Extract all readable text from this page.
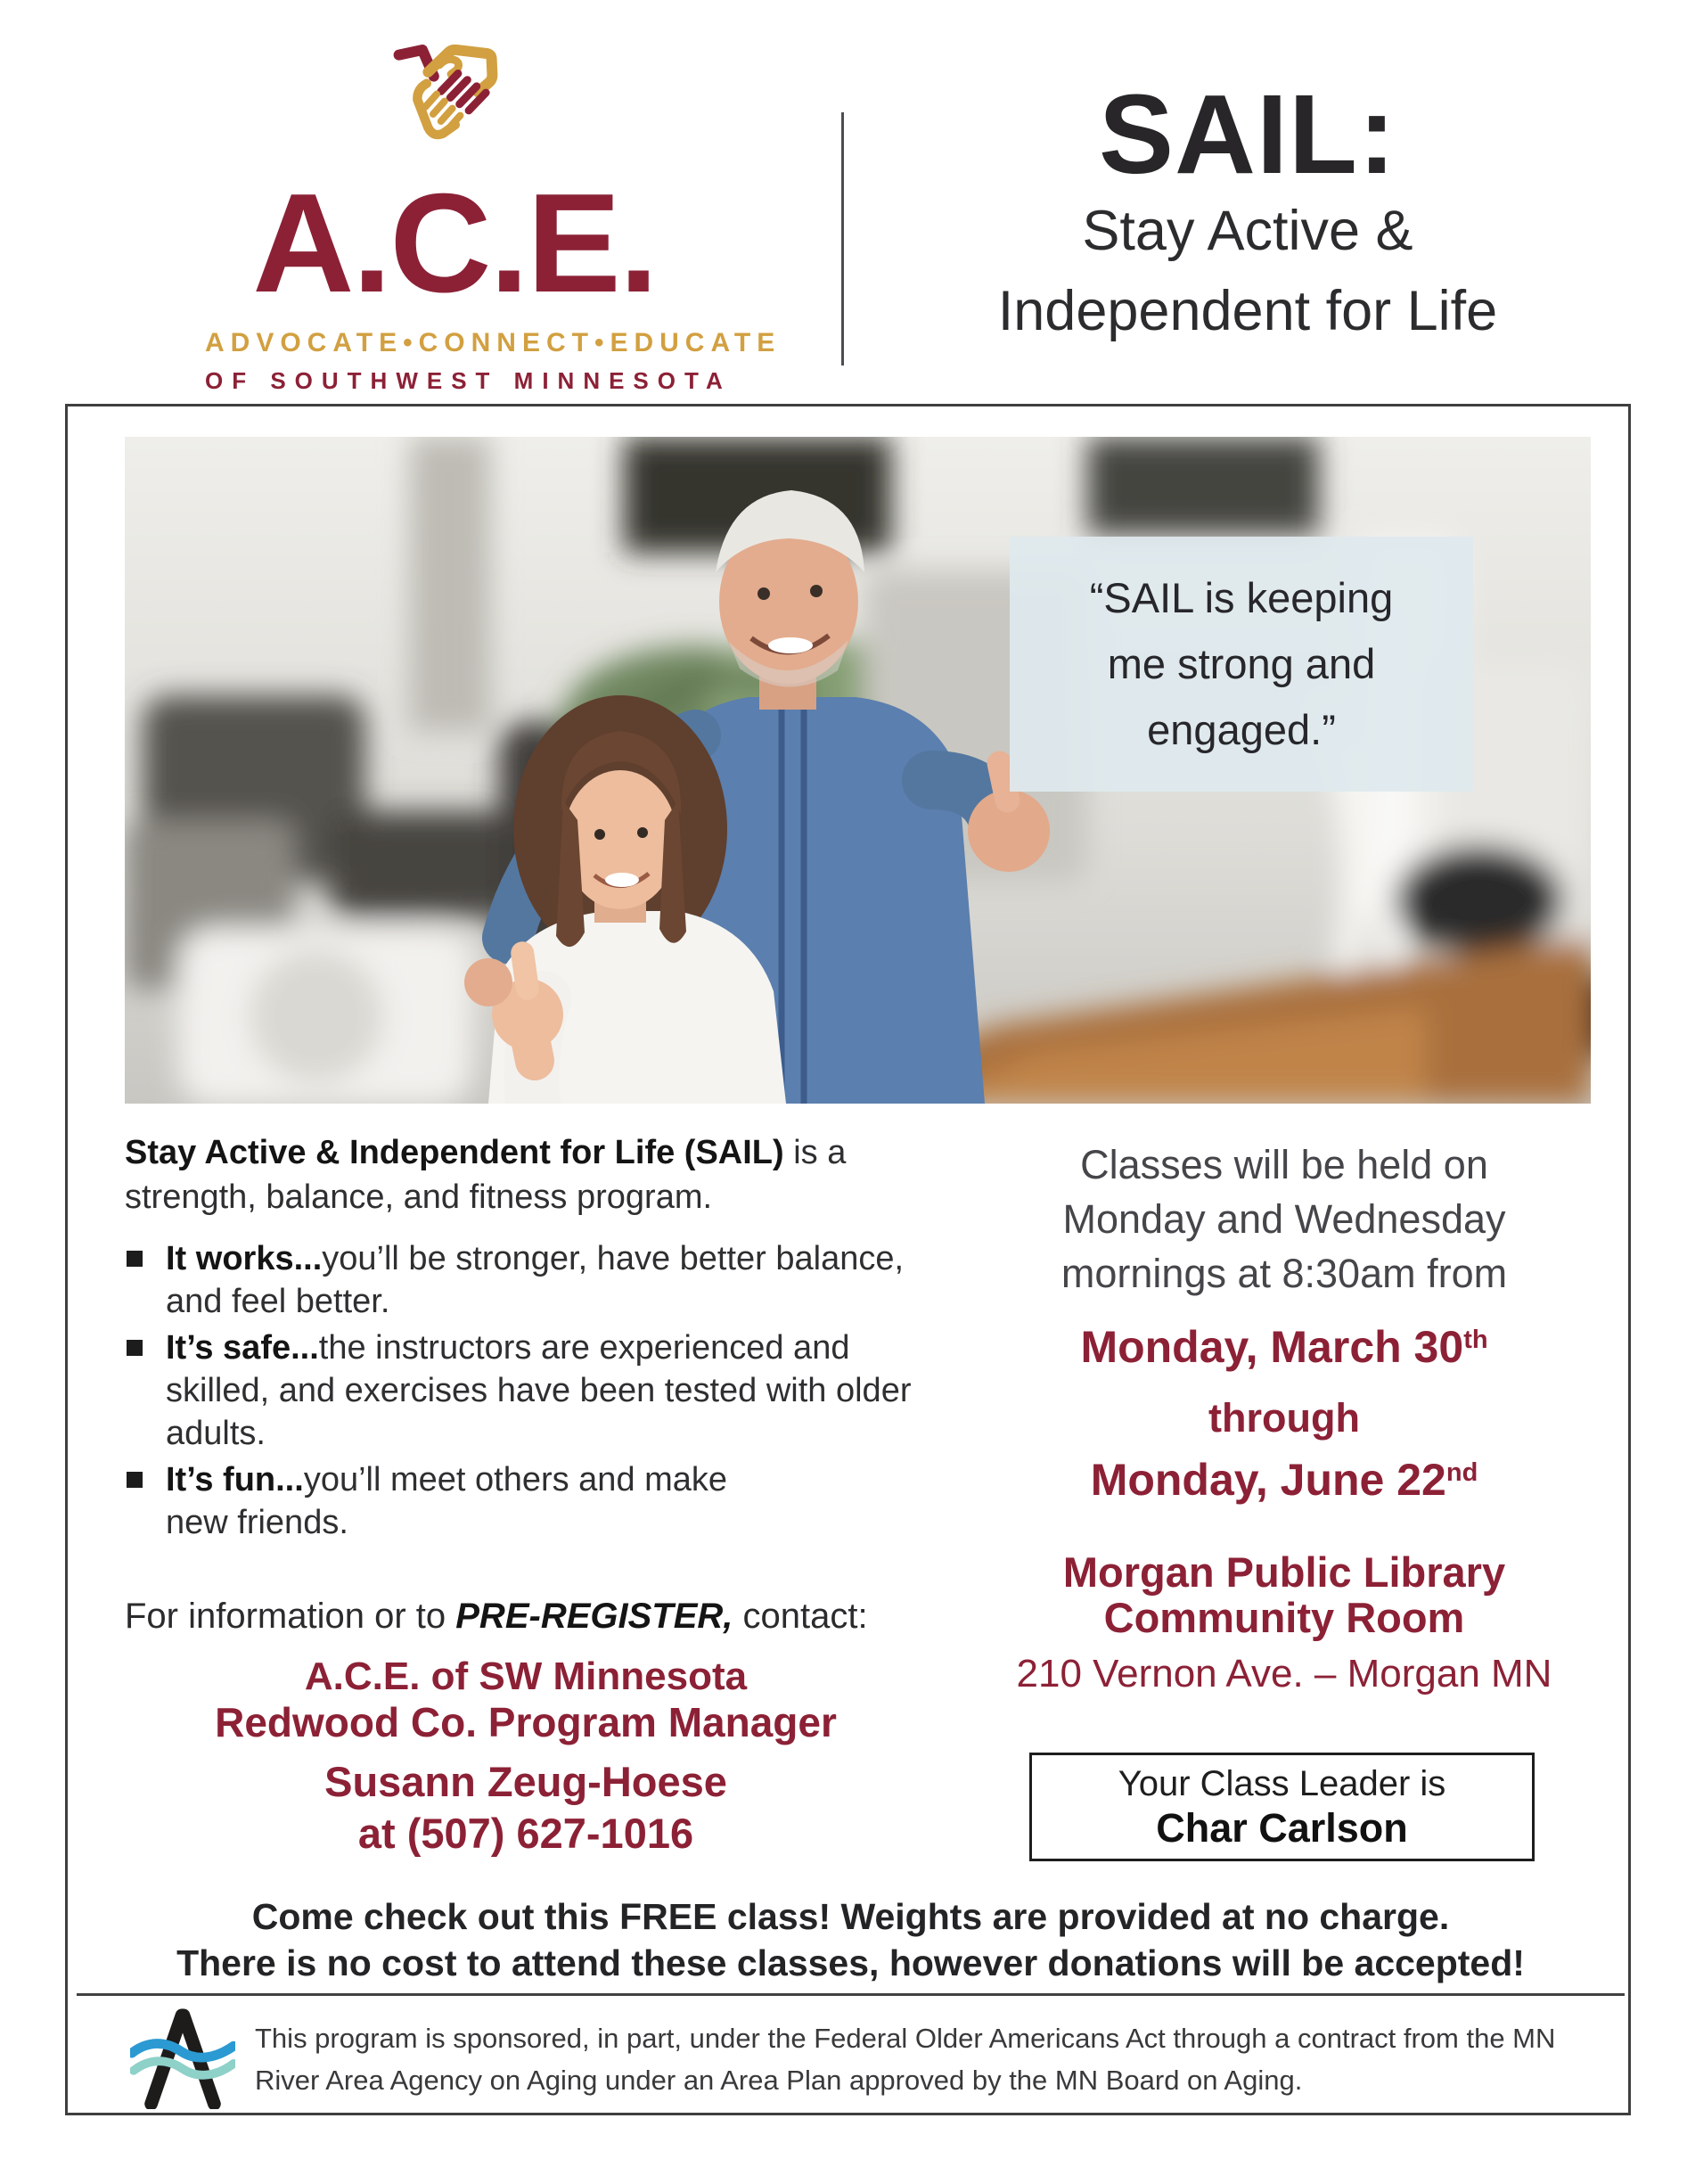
A.C.E.
ADVOCATE•CONNECT•EDUCATE
OF SOUTHWEST MINNESOTA
SAIL:
Stay Active &
Independent for Life
“SAIL is keeping
me strong and
engaged.”

Stay Active & Independent for Life (SAIL) is a strength, balance, and fitness program.

It works...you’ll be stronger, have better balance, and feel better.
It’s safe...the instructors are experienced and skilled, and exercises have been tested with older adults.
It’s fun...you’ll meet others and make new friends.

For information or to PRE-REGISTER, contact:

A.C.E. of SW Minnesota
Redwood Co. Program Manager
Susann Zeug-Hoese
at (507) 627-1016
Classes will be held on
Monday and Wednesday
mornings at 8:30am from
Monday, March 30th
through
Monday, June 22nd
Morgan Public Library
Community Room
210 Vernon Ave. – Morgan MN
Your Class Leader is
Char Carlson
Come check out this FREE class! Weights are provided at no charge.
There is no cost to attend these classes, however donations will be accepted!
This program is sponsored, in part, under the Federal Older Americans Act through a contract from the MN
River Area Agency on Aging under an Area Plan approved by the MN Board on Aging.
